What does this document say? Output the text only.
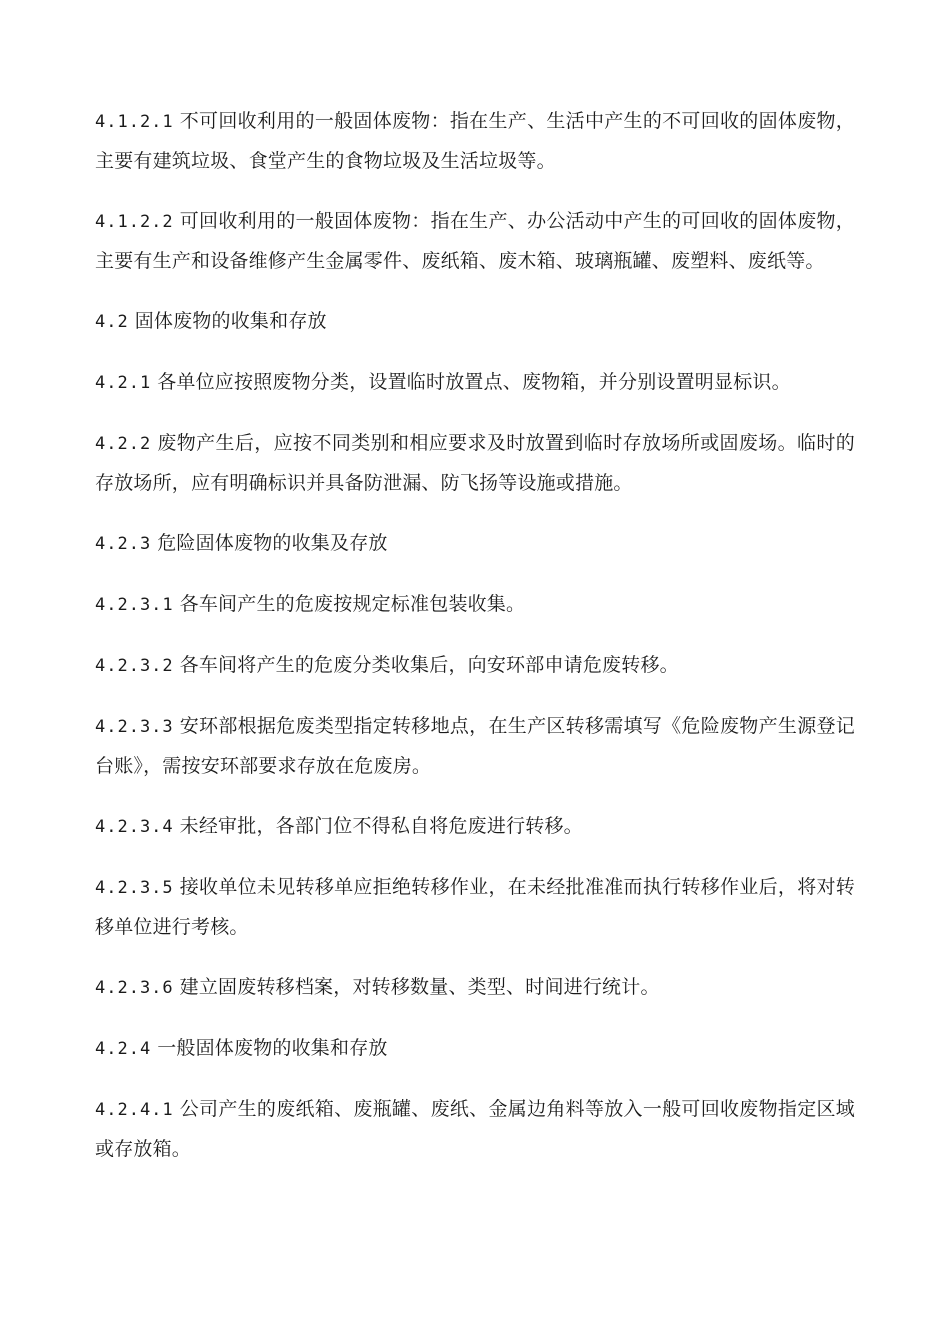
4.1.2.1 不可回收利用的一般固体废物：指在生产、生活中产生的不可回收的固体废物，主要有建筑垃圾、食堂产生的食物垃圾及生活垃圾等。

4.1.2.2 可回收利用的一般固体废物：指在生产、办公活动中产生的可回收的固体废物，主要有生产和设备维修产生金属零件、废纸箱、废木箱、玻璃瓶罐、废塑料、废纸等。

4.2 固体废物的收集和存放

4.2.1 各单位应按照废物分类，设置临时放置点、废物箱，并分别设置明显标识。

4.2.2 废物产生后，应按不同类别和相应要求及时放置到临时存放场所或固废场。临时的存放场所，应有明确标识并具备防泄漏、防飞扬等设施或措施。

4.2.3 危险固体废物的收集及存放

4.2.3.1 各车间产生的危废按规定标准包装收集。

4.2.3.2 各车间将产生的危废分类收集后，向安环部申请危废转移。

4.2.3.3 安环部根据危废类型指定转移地点，在生产区转移需填写《危险废物产生源登记台账》，需按安环部要求存放在危废房。

4.2.3.4 未经审批，各部门位不得私自将危废进行转移。

4.2.3.5 接收单位未见转移单应拒绝转移作业，在未经批准准而执行转移作业后，将对转移单位进行考核。

4.2.3.6 建立固废转移档案，对转移数量、类型、时间进行统计。

4.2.4 一般固体废物的收集和存放

4.2.4.1 公司产生的废纸箱、废瓶罐、废纸、金属边角料等放入一般可回收废物指定区域或存放箱。
